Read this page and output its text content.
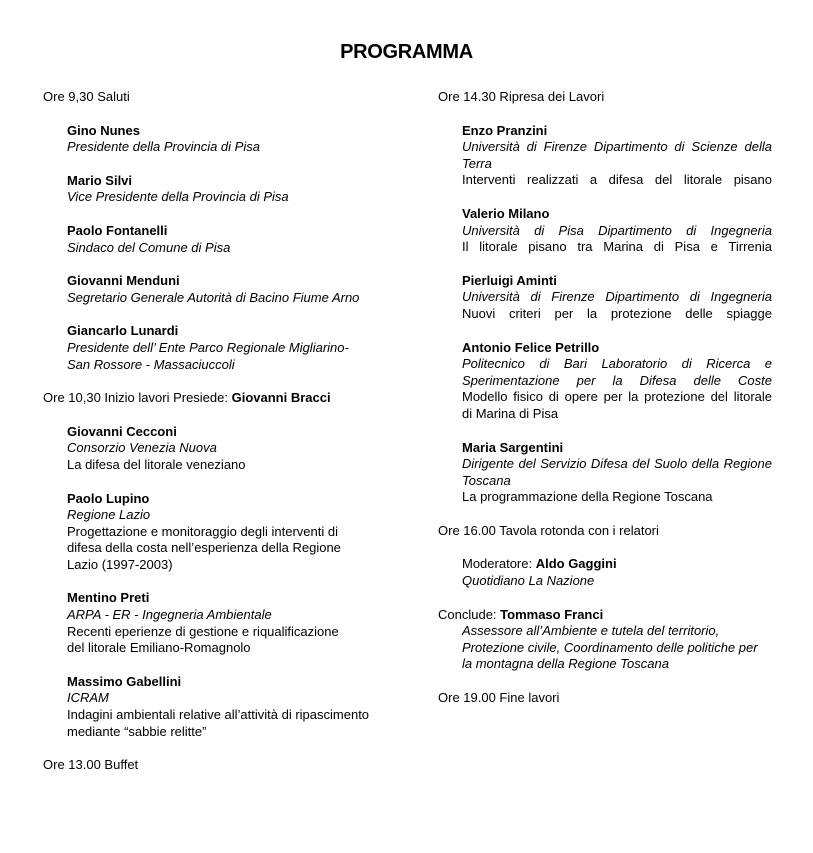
PROGRAMMA
Ore 9,30 Saluti
Gino Nunes
Presidente della Provincia di Pisa
Mario Silvi
Vice Presidente della Provincia di Pisa
Paolo Fontanelli
Sindaco del Comune di Pisa
Giovanni Menduni
Segretario Generale Autorità di Bacino Fiume Arno
Giancarlo Lunardi
Presidente dell’ Ente Parco Regionale Migliarino-
San Rossore - Massaciuccoli
Ore 10,30 Inizio lavori Presiede: Giovanni Bracci
Giovanni Cecconi
Consorzio Venezia Nuova
La difesa del litorale veneziano
Paolo Lupino
Regione Lazio
Progettazione e monitoraggio degli interventi di
difesa della costa nell’esperienza della Regione
Lazio (1997-2003)
Mentino Preti
ARPA - ER - Ingegneria Ambientale
Recenti eperienze di gestione e riqualificazione
del litorale Emiliano-Romagnolo
Massimo Gabellini
ICRAM
Indagini ambientali relative all’attività di ripascimento
mediante “sabbie relitte”
Ore 13.00 Buffet
Ore 14.30 Ripresa dei Lavori
Enzo Pranzini
Università di Firenze Dipartimento di Scienze della
Terra
Interventi realizzati a difesa del litorale pisano
Valerio Milano
Università di Pisa Dipartimento di Ingegneria
Il litorale pisano tra Marina di Pisa e Tirrenia
Pierluigi Aminti
Università di Firenze Dipartimento di Ingegneria
Nuovi criteri per la protezione delle spiagge
Antonio Felice Petrillo
Politecnico di Bari Laboratorio di Ricerca e
Sperimentazione per la Difesa delle Coste
Modello fisico di opere per la protezione del litorale
di Marina di Pisa
Maria Sargentini
Dirigente del Servizio Difesa del Suolo della Regione
Toscana
La programmazione della Regione Toscana
Ore 16.00 Tavola rotonda con i relatori
Moderatore: Aldo Gaggini
Quotidiano La Nazione
Conclude: Tommaso Franci
Assessore all’Ambiente e tutela del territorio,
Protezione civile, Coordinamento delle politiche per
la montagna della Regione Toscana
Ore 19.00 Fine lavori
